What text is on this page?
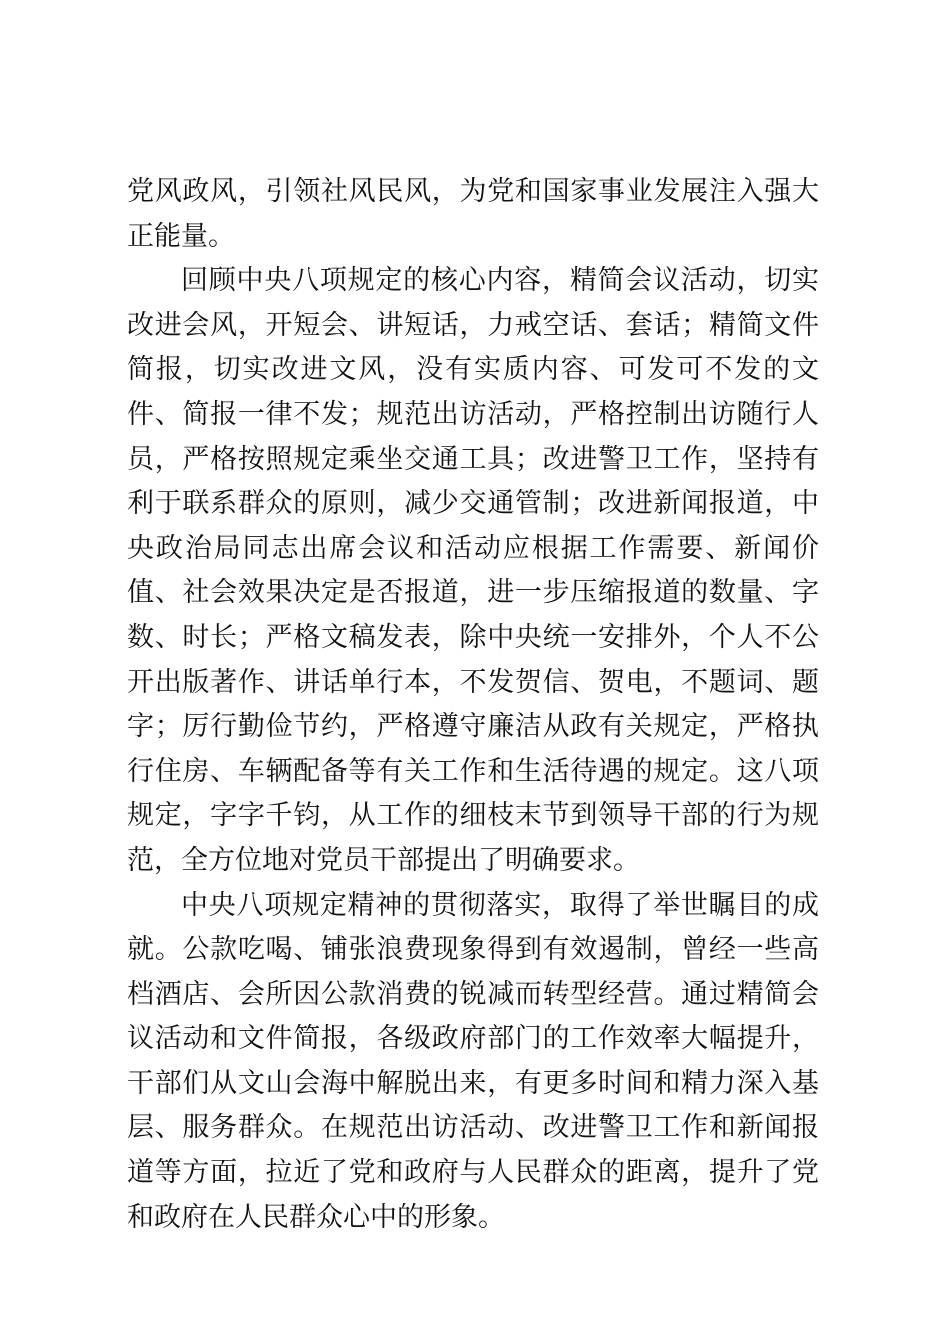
党风政风，引领社风民风，为党和国家事业发展注入强大正能量。

回顾中央八项规定的核心内容，精简会议活动，切实改进会风，开短会、讲短话，力戒空话、套话；精简文件简报，切实改进文风，没有实质内容、可发可不发的文件、简报一律不发；规范出访活动，严格控制出访随行人员，严格按照规定乘坐交通工具；改进警卫工作，坚持有利于联系群众的原则，减少交通管制；改进新闻报道，中央政治局同志出席会议和活动应根据工作需要、新闻价值、社会效果决定是否报道，进一步压缩报道的数量、字数、时长；严格文稿发表，除中央统一安排外，个人不公开出版著作、讲话单行本，不发贺信、贺电，不题词、题字；厉行勤俭节约，严格遵守廉洁从政有关规定，严格执行住房、车辆配备等有关工作和生活待遇的规定。这八项规定，字字千钧，从工作的细枝末节到领导干部的行为规范，全方位地对党员干部提出了明确要求。

中央八项规定精神的贯彻落实，取得了举世瞩目的成就。公款吃喝、铺张浪费现象得到有效遏制，曾经一些高档酒店、会所因公款消费的锐减而转型经营。通过精简会议活动和文件简报，各级政府部门的工作效率大幅提升，干部们从文山会海中解脱出来，有更多时间和精力深入基层、服务群众。在规范出访活动、改进警卫工作和新闻报道等方面，拉近了党和政府与人民群众的距离，提升了党和政府在人民群众心中的形象。
